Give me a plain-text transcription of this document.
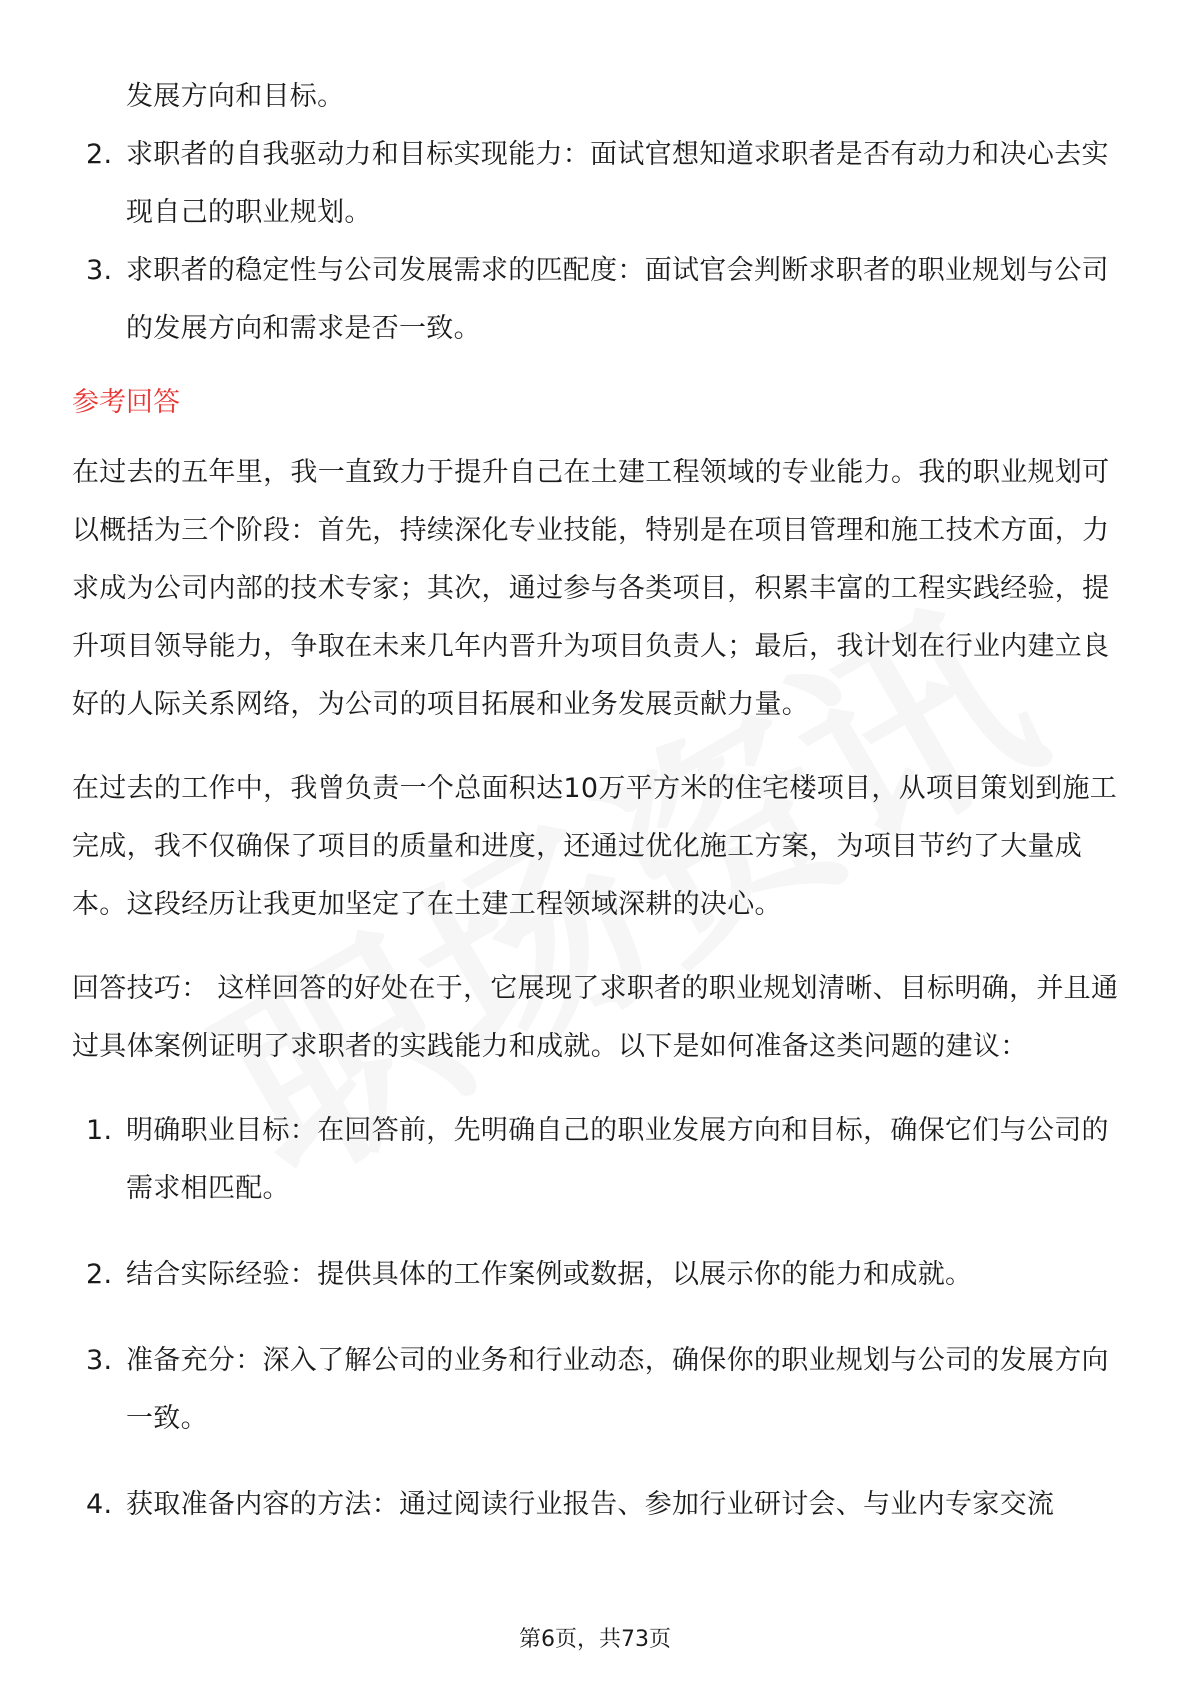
发展方向和目标。
2. 求职者的自我驱动力和目标实现能力：面试官想知道求职者是否有动力和决心去实现自己的职业规划。
3. 求职者的稳定性与公司发展需求的匹配度：面试官会判断求职者的职业规划与公司的发展方向和需求是否一致。
参考回答

在过去的五年里，我一直致力于提升自己在土建工程领域的专业能力。我的职业规划可以概括为三个阶段：首先，持续深化专业技能，特别是在项目管理和施工技术方面，力求成为公司内部的技术专家；其次，通过参与各类项目，积累丰富的工程实践经验，提升项目领导能力，争取在未来几年内晋升为项目负责人；最后，我计划在行业内建立良好的人际关系网络，为公司的项目拓展和业务发展贡献力量。

在过去的工作中，我曾负责一个总面积达10万平方米的住宅楼项目，从项目策划到施工完成，我不仅确保了项目的质量和进度，还通过优化施工方案，为项目节约了大量成本。这段经历让我更加坚定了在土建工程领域深耕的决心。

回答技巧： 这样回答的好处在于，它展现了求职者的职业规划清晰、目标明确，并且通过具体案例证明了求职者的实践能力和成就。以下是如何准备这类问题的建议：

1. 明确职业目标：在回答前，先明确自己的职业发展方向和目标，确保它们与公司的需求相匹配。
2. 结合实际经验：提供具体的工作案例或数据，以展示你的能力和成就。
3. 准备充分：深入了解公司的业务和行业动态，确保你的职业规划与公司的发展方向一致。
4. 获取准备内容的方法：通过阅读行业报告、参加行业研讨会、与业内专家交流
第6页，共73页
